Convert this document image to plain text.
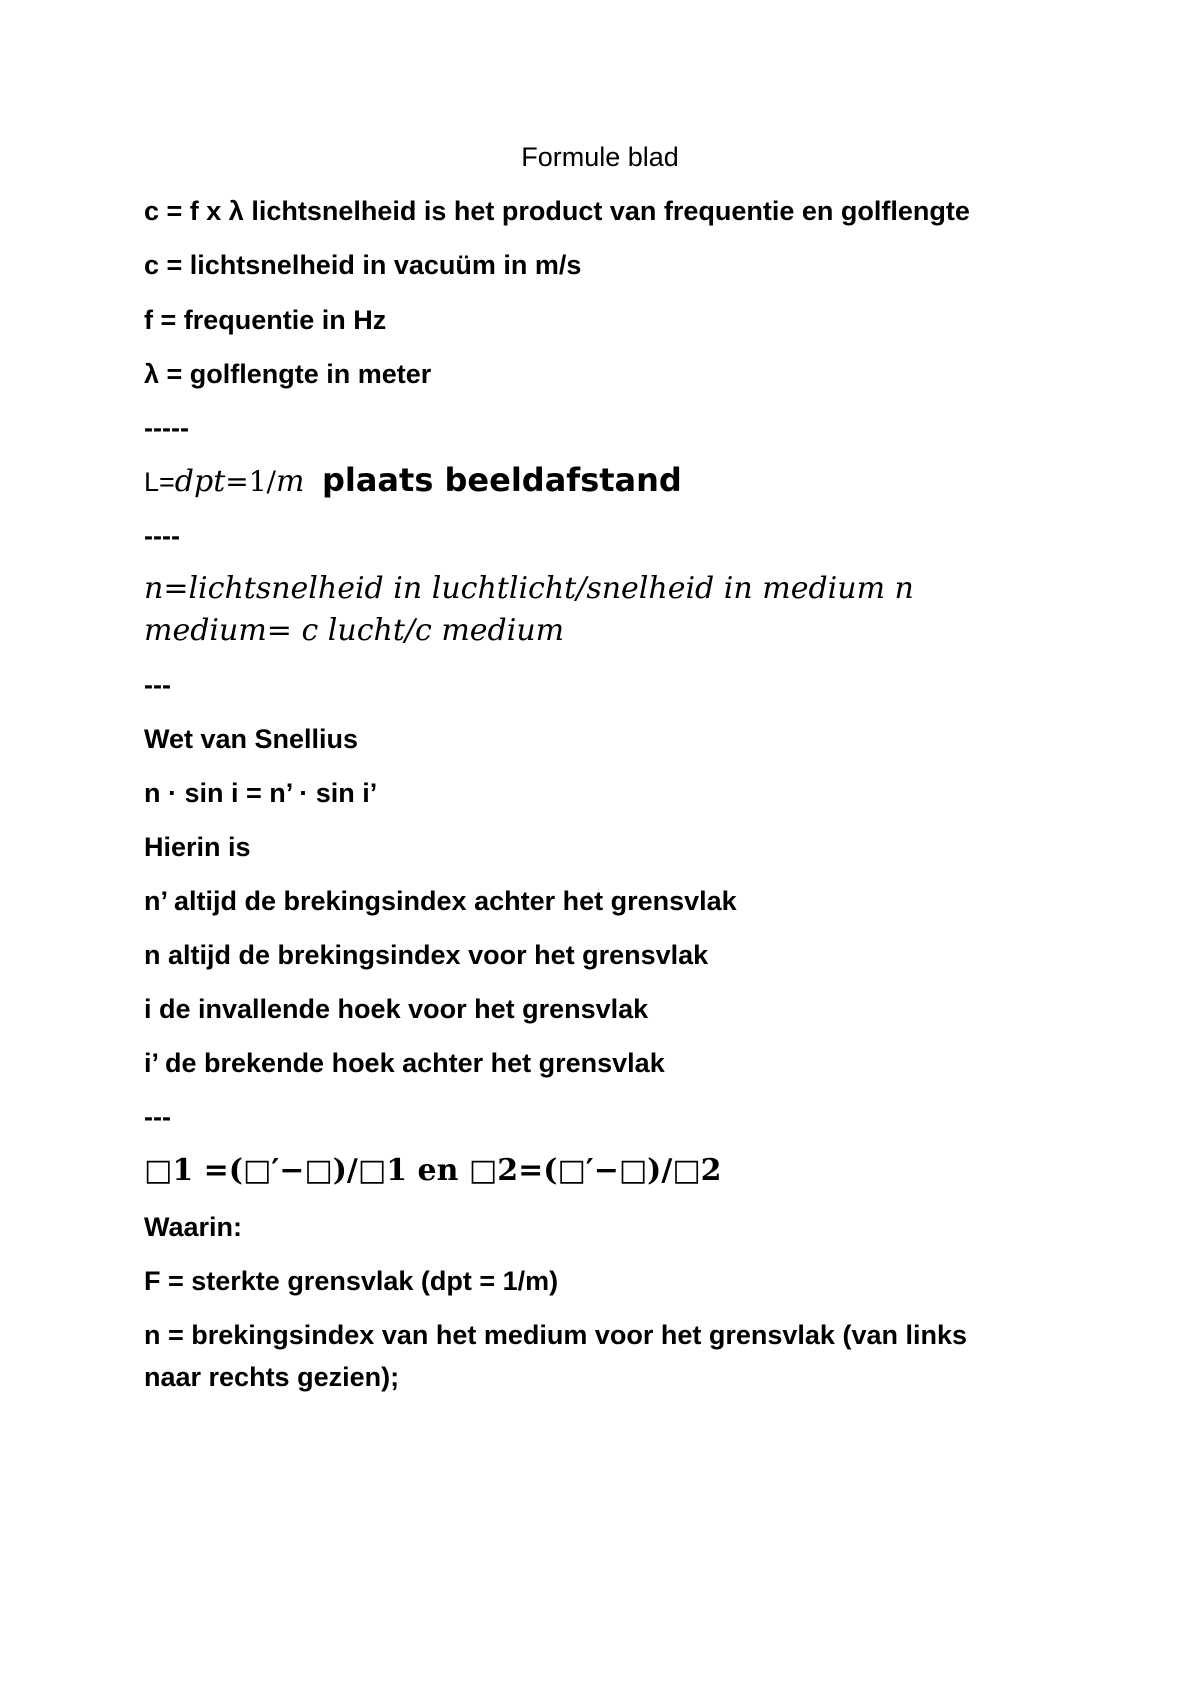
Formule blad
c = f x λ lichtsnelheid is het product van frequentie en golflengte
c = lichtsnelheid in vacuüm in m/s
f = frequentie in Hz
λ = golflengte in meter
-----
L=dpt=1/m plaats beeldafstand
----
n=lichtsnelheid in luchtlicht/snelheid in medium n medium= c lucht/c medium
---
Wet van Snellius
n · sin i = n’ · sin i’
Hierin is
n’ altijd de brekingsindex achter het grensvlak
n altijd de brekingsindex voor het grensvlak
i de invallende hoek voor het grensvlak
i’ de brekende hoek achter het grensvlak
---
□1 =(□′−□)/□1 en □2=(□′−□)/□2
Waarin:
F = sterkte grensvlak (dpt = 1/m)
n = brekingsindex van het medium voor het grensvlak (van links naar rechts gezien);
